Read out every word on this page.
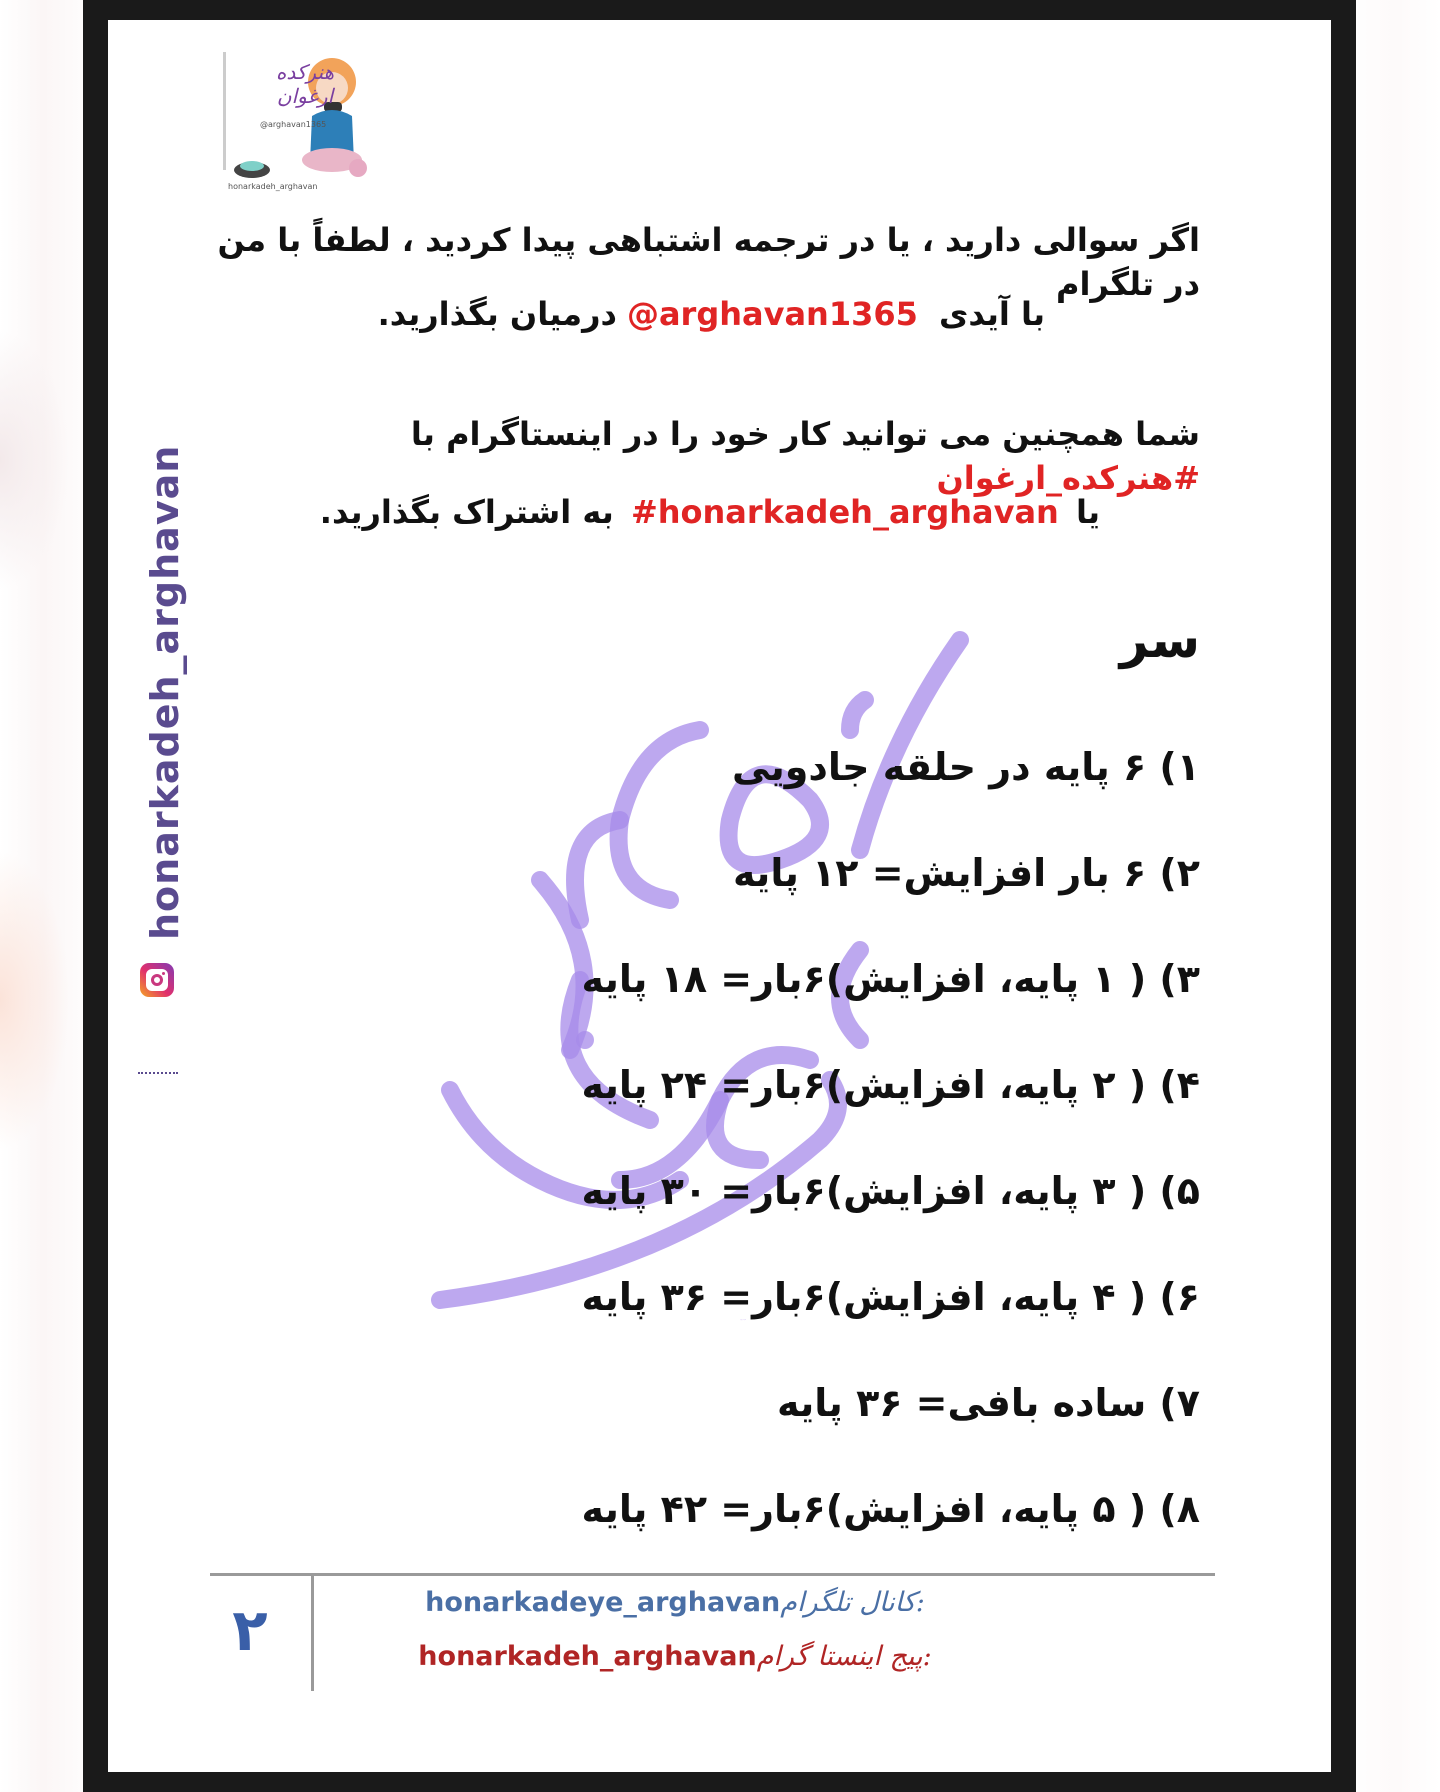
honarkadeh_arghavan
هنرکده
ارغوان
@arghavan1365
honarkadeh_arghavan
هنرکده ارغوان
اگر سوالی دارید ، یا در ترجمه اشتباهی پیدا کردید ، لطفاً با من در تلگرام
با آیدی @arghavan1365درمیان بگذارید.
شما همچنین می توانید کار خود را در اینستاگرام با #هنرکده_ارغوان
یا #honarkadeh_arghavan به اشتراک بگذارید.
سر
۱) ۶ پایه در حلقه جادویی
۲) ۶ بار افزایش= ۱۲ پایه
۳) ( ۱ پایه، افزایش)۶بار= ۱۸ پایه
۴) ( ۲ پایه، افزایش)۶بار= ۲۴ پایه
۵) ( ۳ پایه، افزایش)۶بار= ۳۰ پایه
۶) ( ۴ پایه، افزایش)۶بار= ۳۶ پایه
۷) ساده بافی= ۳۶ پایه
۸) ( ۵ پایه، افزایش)۶بار= ۴۲ پایه
۲	honarkadeye_arghavanکانال تلگرام:
honarkadeh_arghavanپیج اینستا گرام:
